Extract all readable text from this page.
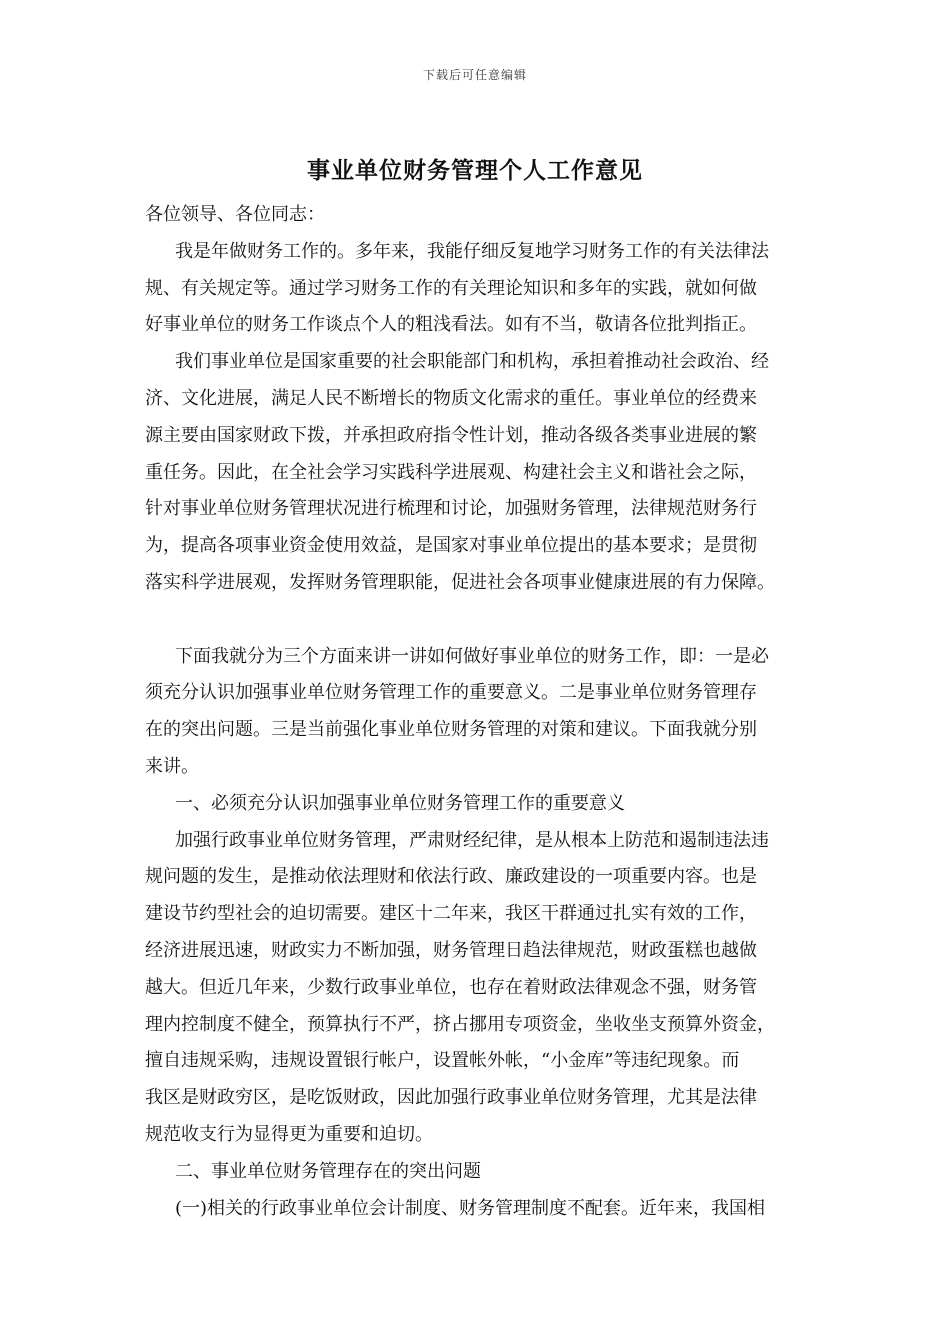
下载后可任意编辑
事业单位财务管理个人工作意见
各位领导、各位同志：
我是年做财务工作的。多年来，我能仔细反复地学习财务工作的有关法律法
规、有关规定等。通过学习财务工作的有关理论知识和多年的实践，就如何做
好事业单位的财务工作谈点个人的粗浅看法。如有不当，敬请各位批判指正。
我们事业单位是国家重要的社会职能部门和机构，承担着推动社会政治、经
济、文化进展，满足人民不断增长的物质文化需求的重任。事业单位的经费来
源主要由国家财政下拨，并承担政府指令性计划，推动各级各类事业进展的繁
重任务。因此，在全社会学习实践科学进展观、构建社会主义和谐社会之际，
针对事业单位财务管理状况进行梳理和讨论，加强财务管理，法律规范财务行
为，提高各项事业资金使用效益，是国家对事业单位提出的基本要求；是贯彻
落实科学进展观，发挥财务管理职能，促进社会各项事业健康进展的有力保障。
下面我就分为三个方面来讲一讲如何做好事业单位的财务工作，即：一是必
须充分认识加强事业单位财务管理工作的重要意义。二是事业单位财务管理存
在的突出问题。三是当前强化事业单位财务管理的对策和建议。下面我就分别
来讲。
一、必须充分认识加强事业单位财务管理工作的重要意义
加强行政事业单位财务管理，严肃财经纪律，是从根本上防范和遏制违法违
规问题的发生，是推动依法理财和依法行政、廉政建设的一项重要内容。也是
建设节约型社会的迫切需要。建区十二年来，我区干群通过扎实有效的工作，
经济进展迅速，财政实力不断加强，财务管理日趋法律规范，财政蛋糕也越做
越大。但近几年来，少数行政事业单位，也存在着财政法律观念不强，财务管
理内控制度不健全，预算执行不严，挤占挪用专项资金，坐收坐支预算外资金，
擅自违规采购，违规设置银行帐户，设置帐外帐，“小金库”等违纪现象。而
我区是财政穷区，是吃饭财政，因此加强行政事业单位财务管理，尤其是法律
规范收支行为显得更为重要和迫切。
二、事业单位财务管理存在的突出问题
(一)相关的行政事业单位会计制度、财务管理制度不配套。近年来，我国相
